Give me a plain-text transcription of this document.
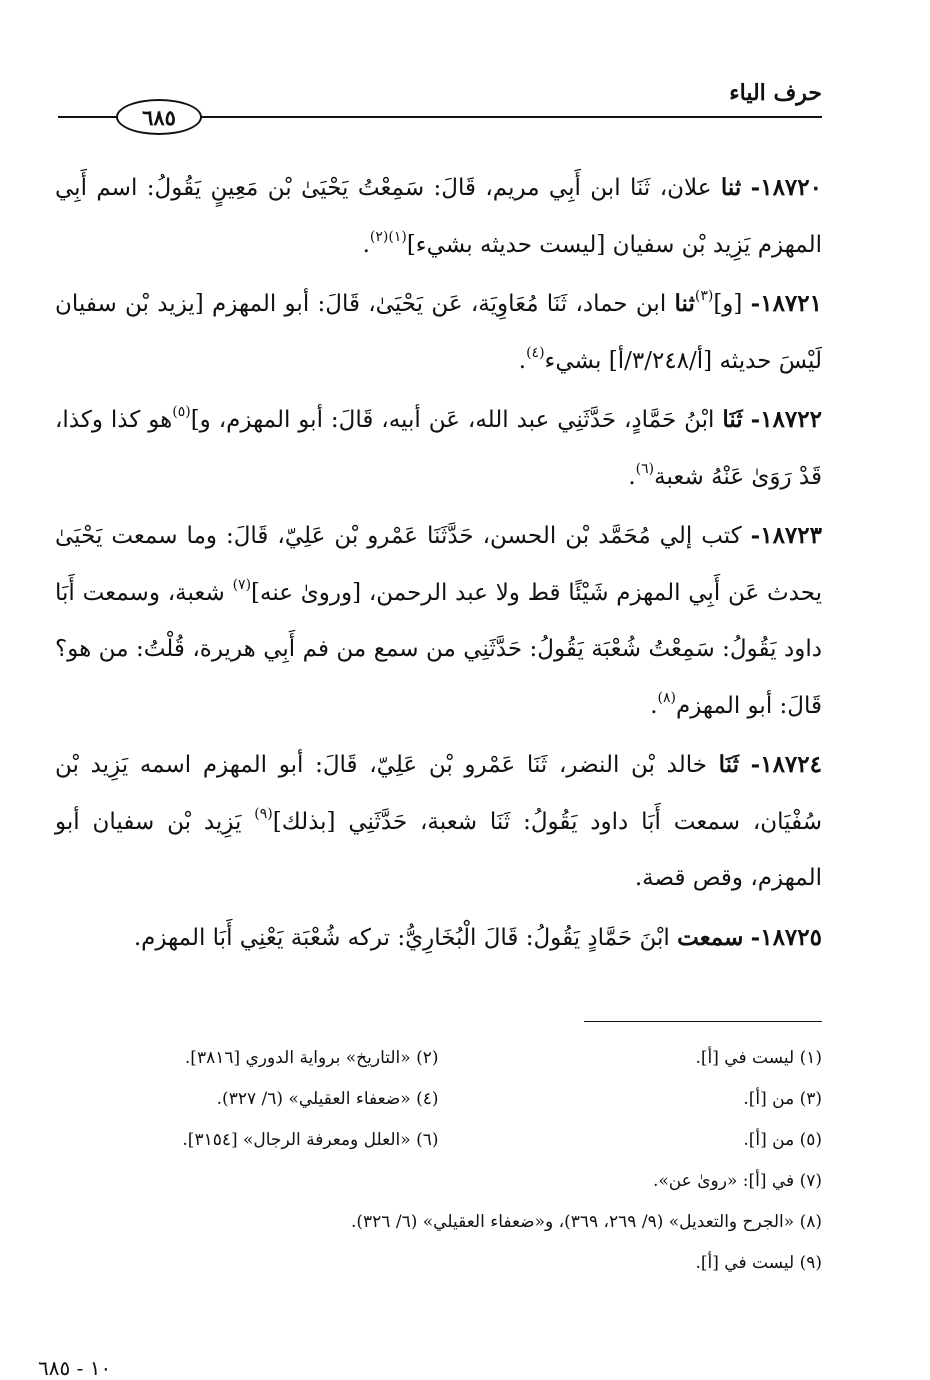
حرف الياء
٦٨٥

١٨٧٢٠- ثنا علان، ثَنَا ابن أَبِي مريم، قَالَ: سَمِعْتُ يَحْيَىٰ بْن مَعِينٍ يَقُولُ: اسم أَبِي المهزم يَزِيد بْن سفيان [ليست حديثه بشيء]$^{(١)(٢)}$.

١٨٧٢١- [و]$^{(٣)}$ثنا ابن حماد، ثَنَا مُعَاوِيَة، عَن يَحْيَىٰ، قَالَ: أبو المهزم [يزيد بْن سفيان لَيْسَ حديثه [أ/٣/٢٤٨/أ] بشيء$^{(٤)}$.

١٨٧٢٢- ثَنَا ابْنُ حَمَّادٍ، حَدَّثَنِي عبد الله، عَن أبيه، قَالَ: أبو المهزم، و]$^{(٥)}$هو كذا وكذا، قَدْ رَوَىٰ عَنْهُ شعبة$^{(٦)}$.

١٨٧٢٣- كتب إلي مُحَمَّد بْن الحسن، حَدَّثَنَا عَمْرو بْن عَلِيّ، قَالَ: وما سمعت يَحْيَىٰ يحدث عَن أَبِي المهزم شَيْئًا قط ولا عبد الرحمن، [وروىٰ عنه]$^{(٧)}$ شعبة، وسمعت أَبَا داود يَقُولُ: سَمِعْتُ شُعْبَة يَقُولُ: حَدَّثَنِي من سمع من فم أَبِي هريرة، قُلْتُ: من هو؟ قَالَ: أبو المهزم$^{(٨)}$.

١٨٧٢٤- ثَنَا خالد بْن النضر، ثَنَا عَمْرو بْن عَلِيّ، قَالَ: أبو المهزم اسمه يَزِيد بْن سُفْيَان، سمعت أَبَا داود يَقُولُ: ثَنَا شعبة، حَدَّثَنِي [بذلك]$^{(٩)}$ يَزِيد بْن سفيان أبو المهزم، وقص قصة.

١٨٧٢٥- سمعت ابْنَ حَمَّادٍ يَقُولُ: قَالَ الْبُخَارِيُّ: تركه شُعْبَة يَعْنِي أَبَا المهزم.

(١) ليست في [أ].
(٢) «التاريخ» برواية الدوري [٣٨١٦].
(٣) من [أ].
(٤) «ضعفاء العقيلي» (٦/ ٣٢٧).
(٥) من [أ].
(٦) «العلل ومعرفة الرجال» [٣١٥٤].
(٧) في [أ]: «روىٰ عن».
(٨) «الجرح والتعديل» (٩/ ٢٦٩، ٣٦٩)، و«ضعفاء العقيلي» (٦/ ٣٢٦).
(٩) ليست في [أ].
١٠ - ٦٨٥
